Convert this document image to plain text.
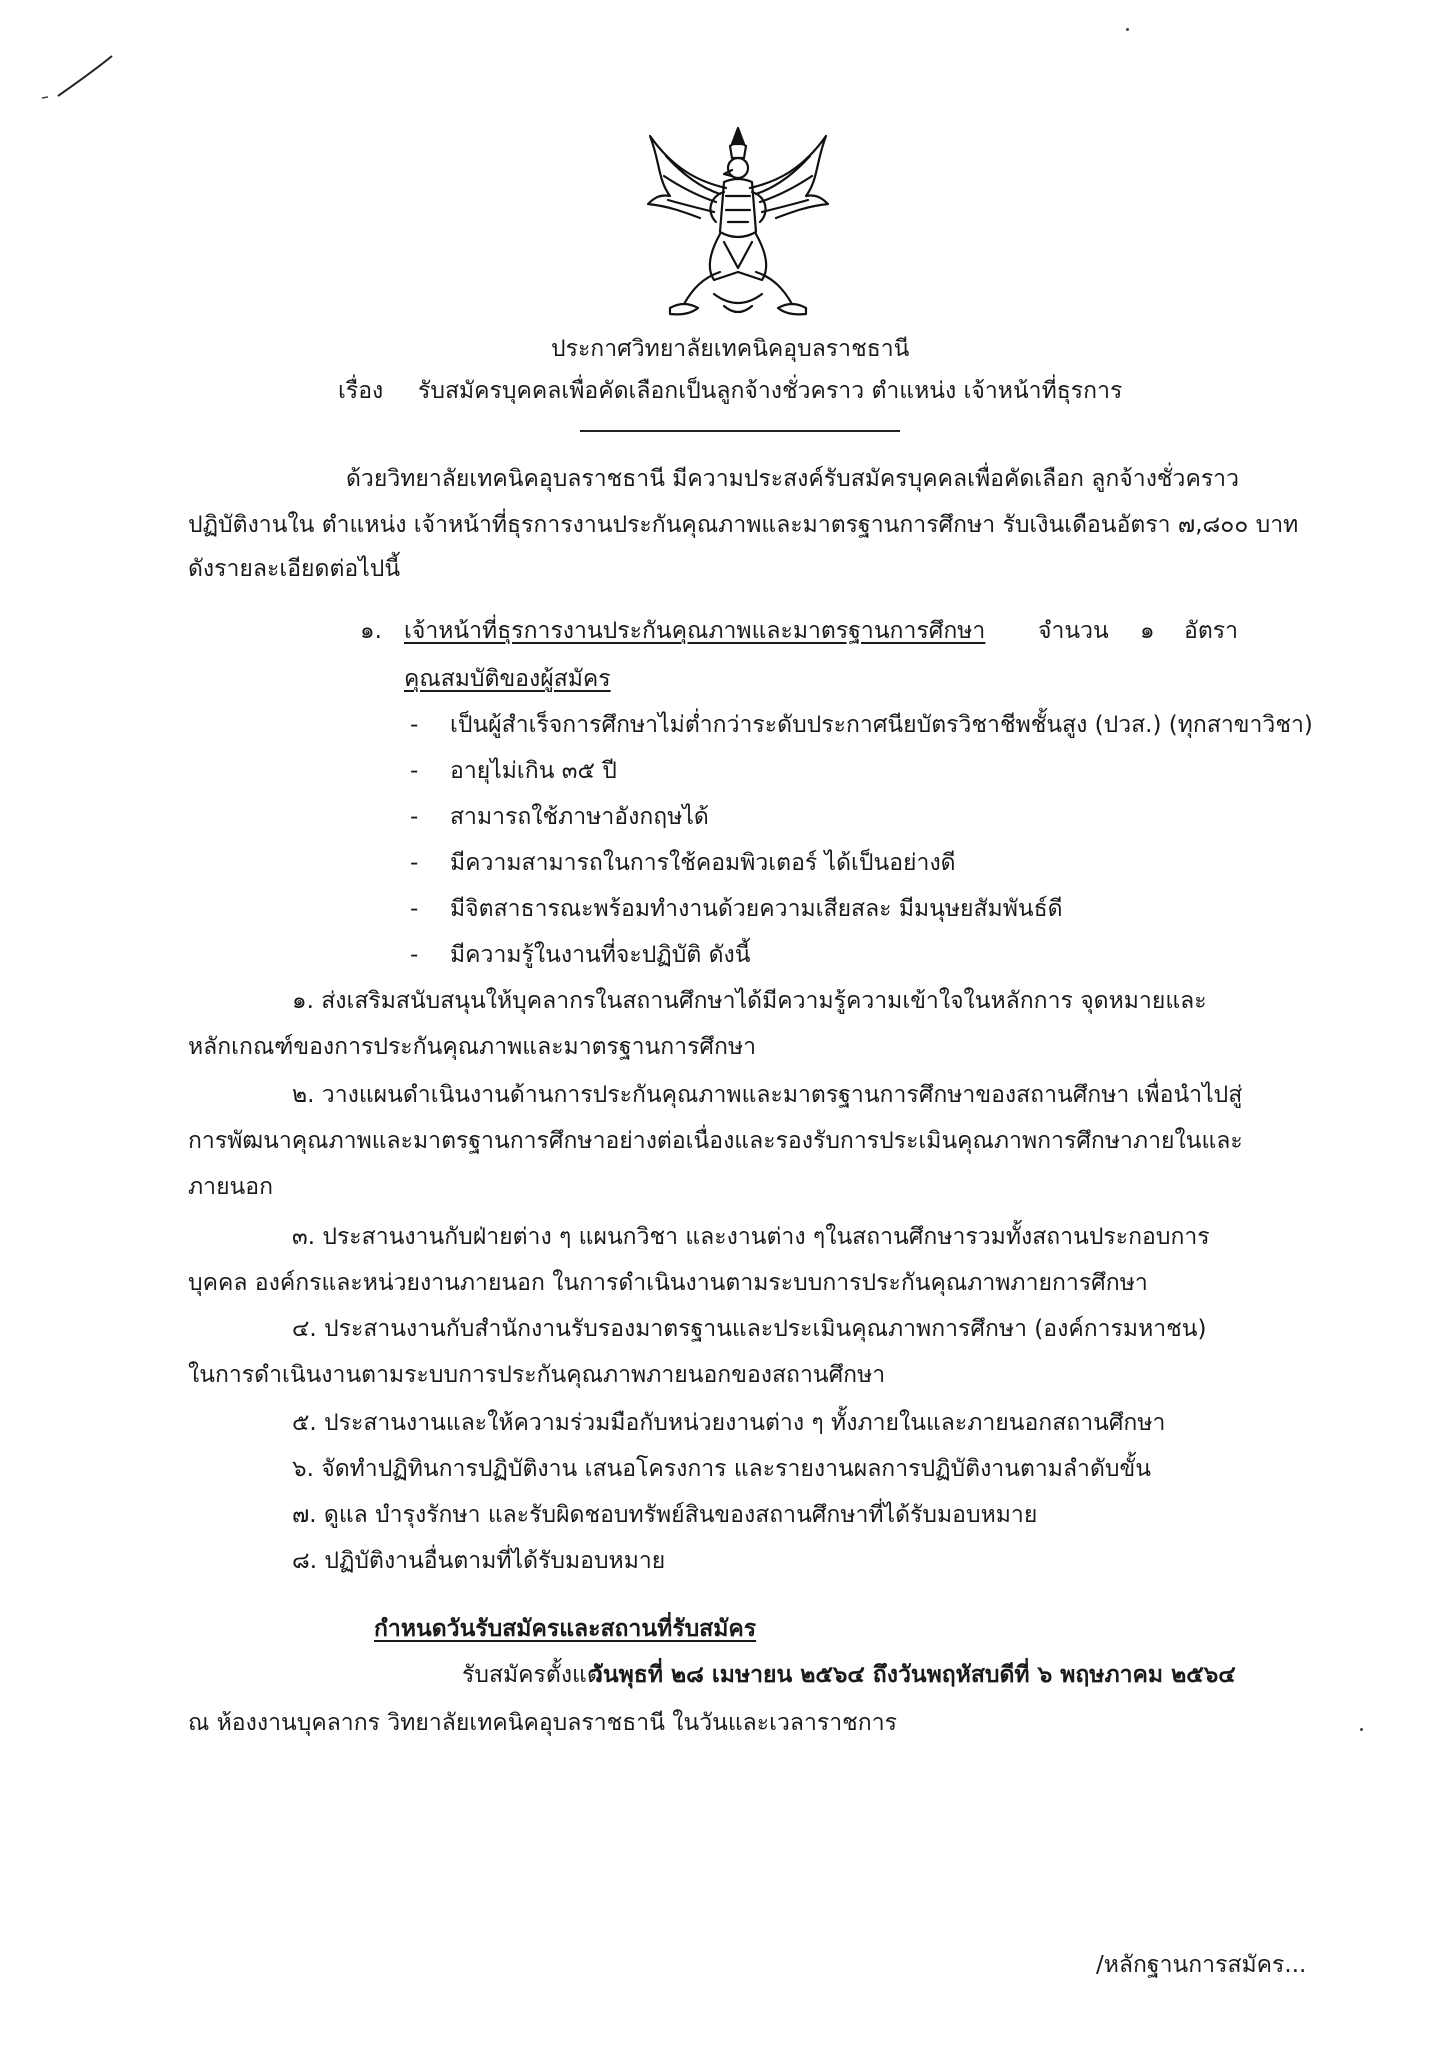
ประกาศวิทยาลัยเทคนิคอุบลราชธานี
เรื่อง รับสมัครบุคคลเพื่อคัดเลือกเป็นลูกจ้างชั่วคราว ตำแหน่ง เจ้าหน้าที่ธุรการ
ด้วยวิทยาลัยเทคนิคอุบลราชธานี มีความประสงค์รับสมัครบุคคลเพื่อคัดเลือก ลูกจ้างชั่วคราว
ปฏิบัติงานใน ตำแหน่ง เจ้าหน้าที่ธุรการงานประกันคุณภาพและมาตรฐานการศึกษา รับเงินเดือนอัตรา ๗,๘๐๐ บาท
ดังรายละเอียดต่อไปนี้
๑. เจ้าหน้าที่ธุรการงานประกันคุณภาพและมาตรฐานการศึกษา จำนวน ๑ อัตรา
คุณสมบัติของผู้สมัคร
- เป็นผู้สำเร็จการศึกษาไม่ต่ำกว่าระดับประกาศนียบัตรวิชาชีพชั้นสูง (ปวส.) (ทุกสาขาวิชา)
- อายุไม่เกิน ๓๕ ปี
- สามารถใช้ภาษาอังกฤษได้
- มีความสามารถในการใช้คอมพิวเตอร์ ได้เป็นอย่างดี
- มีจิตสาธารณะพร้อมทำงานด้วยความเสียสละ มีมนุษยสัมพันธ์ดี
- มีความรู้ในงานที่จะปฏิบัติ ดังนี้
๑. ส่งเสริมสนับสนุนให้บุคลากรในสถานศึกษาได้มีความรู้ความเข้าใจในหลักการ จุดหมายและ
หลักเกณฑ์ของการประกันคุณภาพและมาตรฐานการศึกษา
๒. วางแผนดำเนินงานด้านการประกันคุณภาพและมาตรฐานการศึกษาของสถานศึกษา เพื่อนำไปสู่
การพัฒนาคุณภาพและมาตรฐานการศึกษาอย่างต่อเนื่องและรองรับการประเมินคุณภาพการศึกษาภายในและ
ภายนอก
๓. ประสานงานกับฝ่ายต่าง ๆ แผนกวิชา และงานต่าง ๆในสถานศึกษารวมทั้งสถานประกอบการ
บุคคล องค์กรและหน่วยงานภายนอก ในการดำเนินงานตามระบบการประกันคุณภาพภายการศึกษา
๔. ประสานงานกับสำนักงานรับรองมาตรฐานและประเมินคุณภาพการศึกษา (องค์การมหาชน)
ในการดำเนินงานตามระบบการประกันคุณภาพภายนอกของสถานศึกษา
๕. ประสานงานและให้ความร่วมมือกับหน่วยงานต่าง ๆ ทั้งภายในและภายนอกสถานศึกษา
๖. จัดทำปฏิทินการปฏิบัติงาน เสนอโครงการ และรายงานผลการปฏิบัติงานตามลำดับขั้น
๗. ดูแล บำรุงรักษา และรับผิดชอบทรัพย์สินของสถานศึกษาที่ได้รับมอบหมาย
๘. ปฏิบัติงานอื่นตามที่ได้รับมอบหมาย
กำหนดวันรับสมัครและสถานที่รับสมัคร
รับสมัครตั้งแต่
วันพุธที่ ๒๘ เมษายน ๒๕๖๔ ถึงวันพฤหัสบดีที่ ๖ พฤษภาคม ๒๕๖๔
ณ ห้องงานบุคลากร วิทยาลัยเทคนิคอุบลราชธานี ในวันและเวลาราชการ
/หลักฐานการสมัคร...
